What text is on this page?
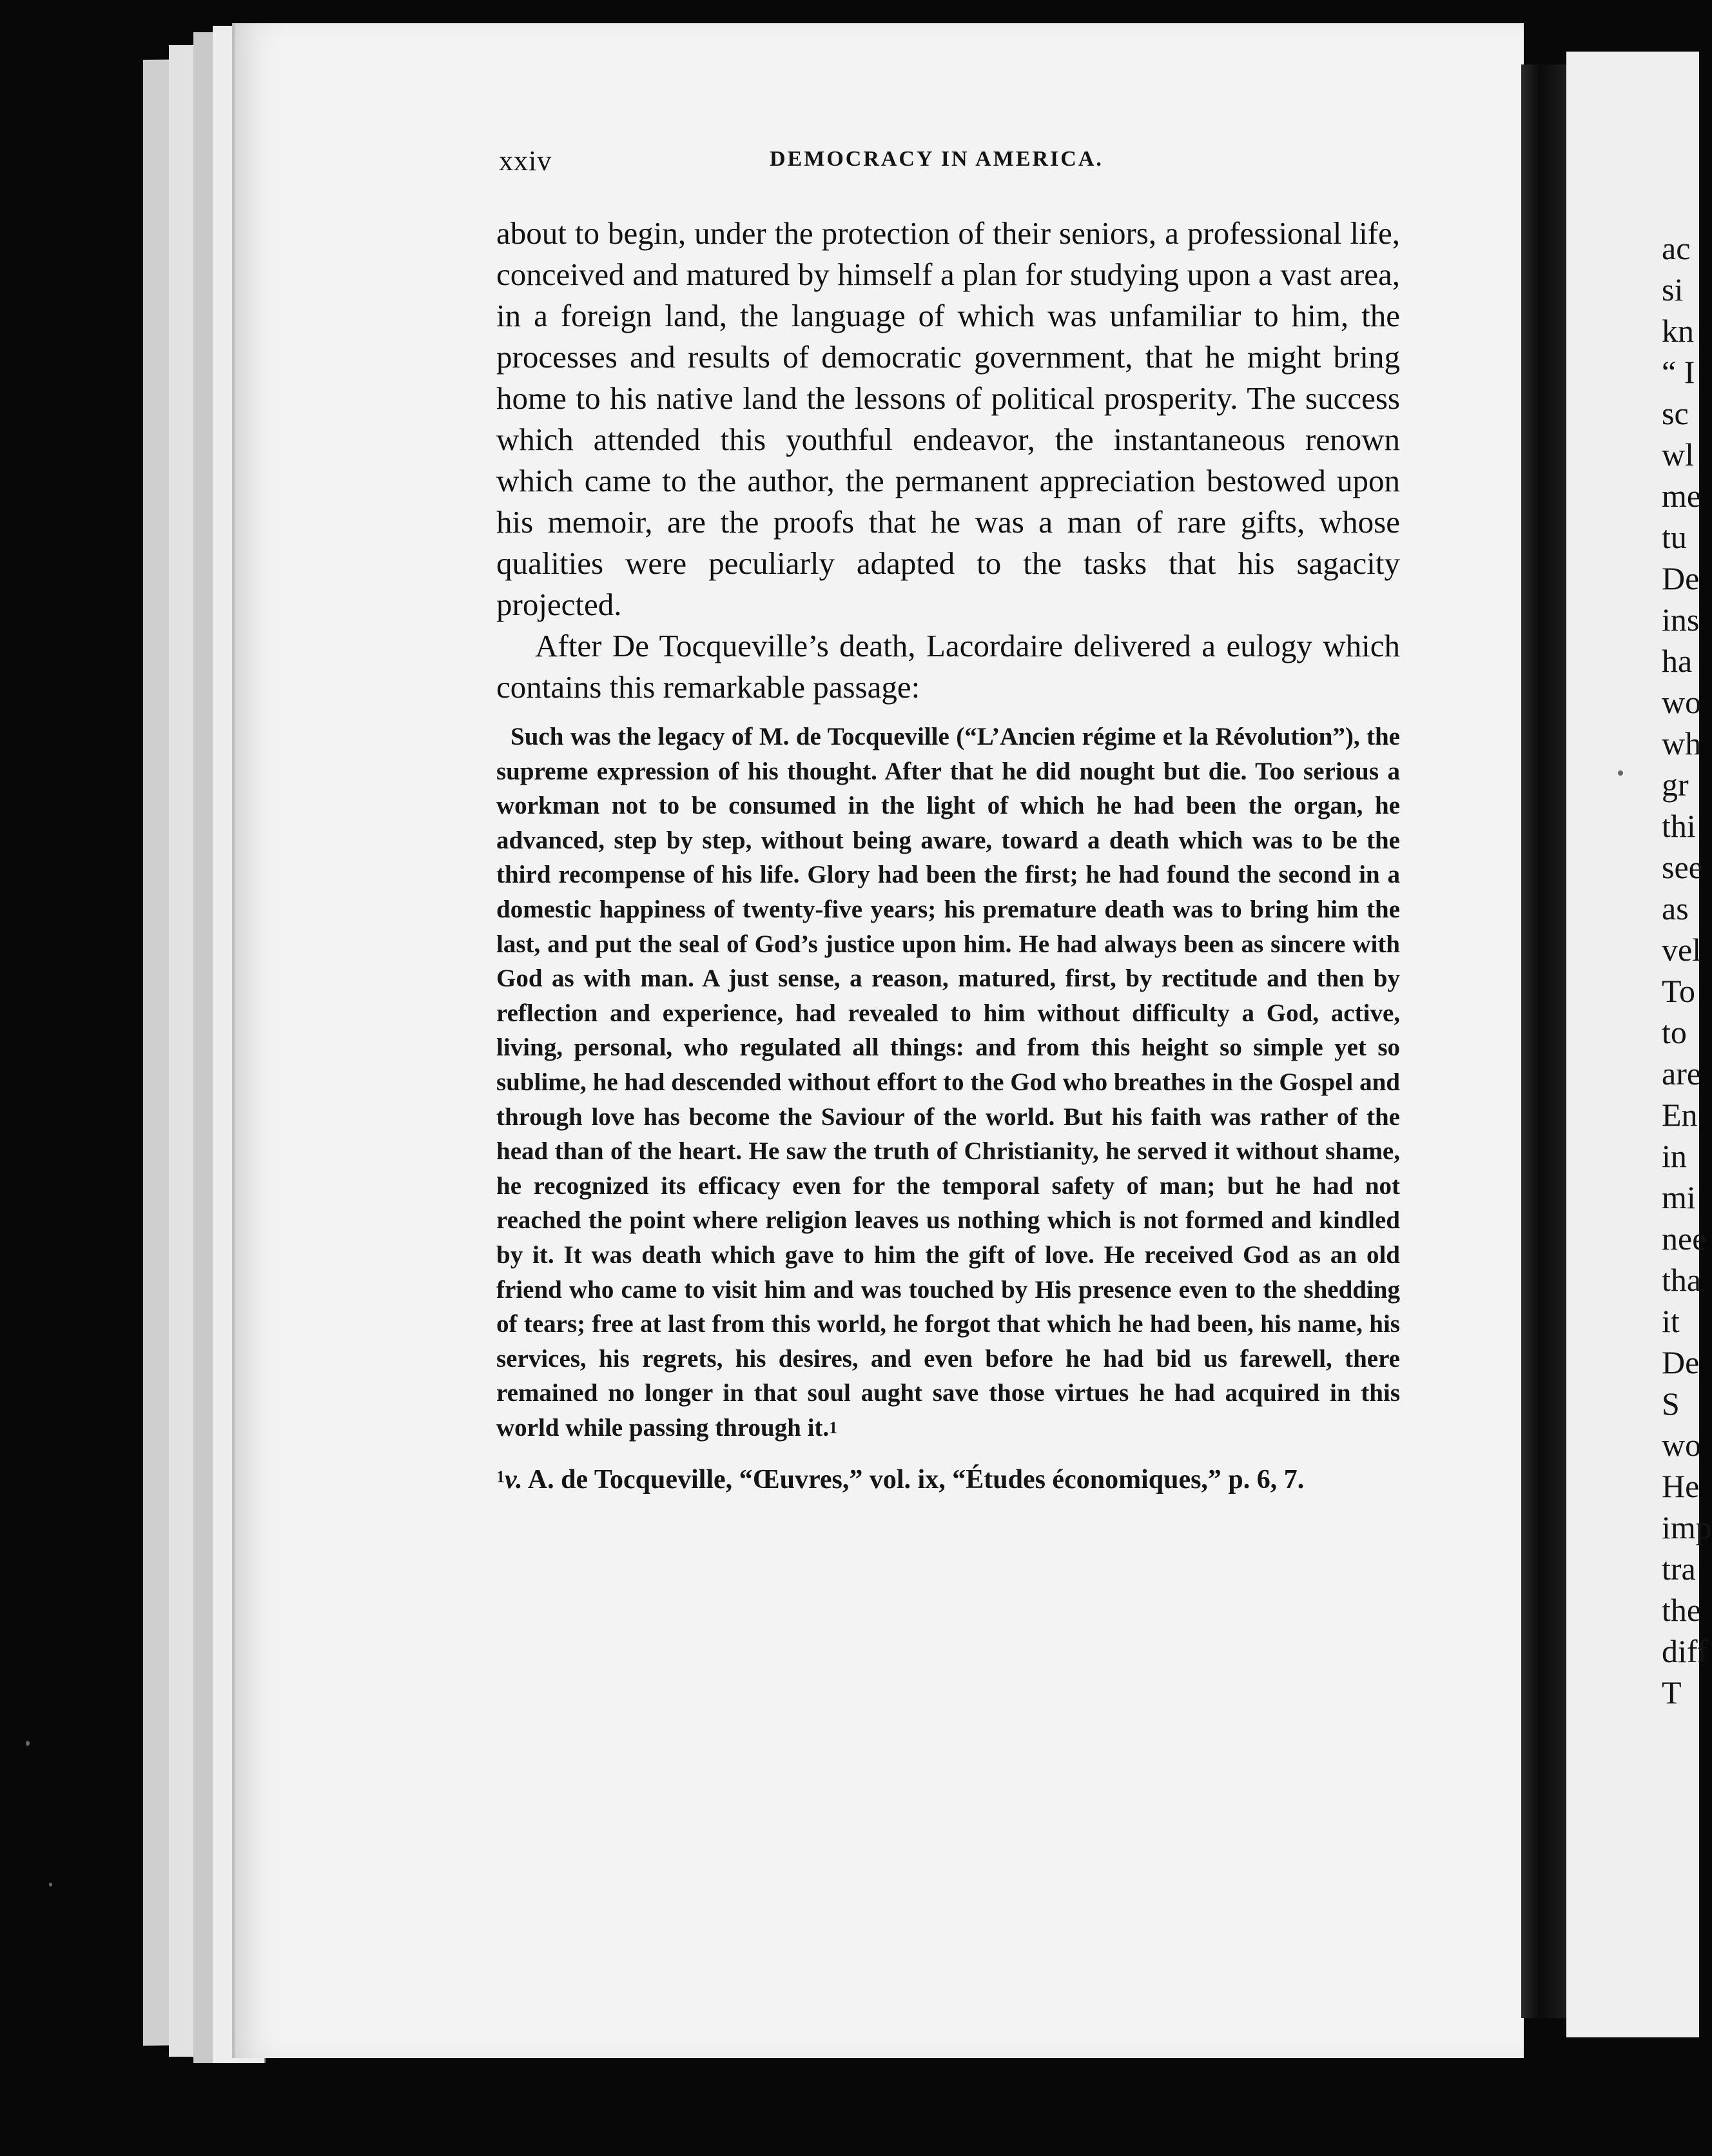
xxiv	DEMOCRACY IN AMERICA.

about to begin, under the protection of their seniors, a professional life, conceived and matured by himself a plan for studying upon a vast area, in a foreign land, the language of which was unfamiliar to him, the processes and results of democratic government, that he might bring home to his native land the lessons of political prosperity. The success which attended this youthful endeavor, the instantaneous renown which came to the author, the permanent appreciation bestowed upon his memoir, are the proofs that he was a man of rare gifts, whose qualities were peculiarly adapted to the tasks that his sagacity projected.

After De Tocqueville’s death, Lacordaire delivered a eulogy which contains this remarkable passage:

Such was the legacy of M. de Tocqueville (“L’Ancien régime et la Révolution”), the supreme expression of his thought. After that he did nought but die. Too serious a workman not to be consumed in the light of which he had been the organ, he advanced, step by step, without being aware, toward a death which was to be the third recompense of his life. Glory had been the first; he had found the second in a domestic happiness of twenty-five years; his premature death was to bring him the last, and put the seal of God’s justice upon him. He had always been as sincere with God as with man. A just sense, a reason, matured, first, by rectitude and then by reflection and experience, had revealed to him without difficulty a God, active, living, personal, who regulated all things: and from this height so simple yet so sublime, he had descended without effort to the God who breathes in the Gospel and through love has become the Saviour of the world. But his faith was rather of the head than of the heart. He saw the truth of Christianity, he served it without shame, he recognized its efficacy even for the temporal safety of man; but he had not reached the point where religion leaves us nothing which is not formed and kindled by it. It was death which gave to him the gift of love. He received God as an old friend who came to visit him and was touched by His presence even to the shedding of tears; free at last from this world, he forgot that which he had been, his name, his services, his regrets, his desires, and even before he had bid us farewell, there remained no longer in that soul aught save those virtues he had acquired in this world while passing through it.$^1$

$^1$v. A. de Tocqueville, “Œuvres,” vol. ix, “Études économiques,” p. 6, 7.
ac
si
kn
“ I
sc
wl
me
tu
De
ins
ha
wo
wh
gr
thi
see
as
vel
To
to
are
En
in
mi
nee
tha
it
De
S
wo
He
imp
tra
the
diff
T
